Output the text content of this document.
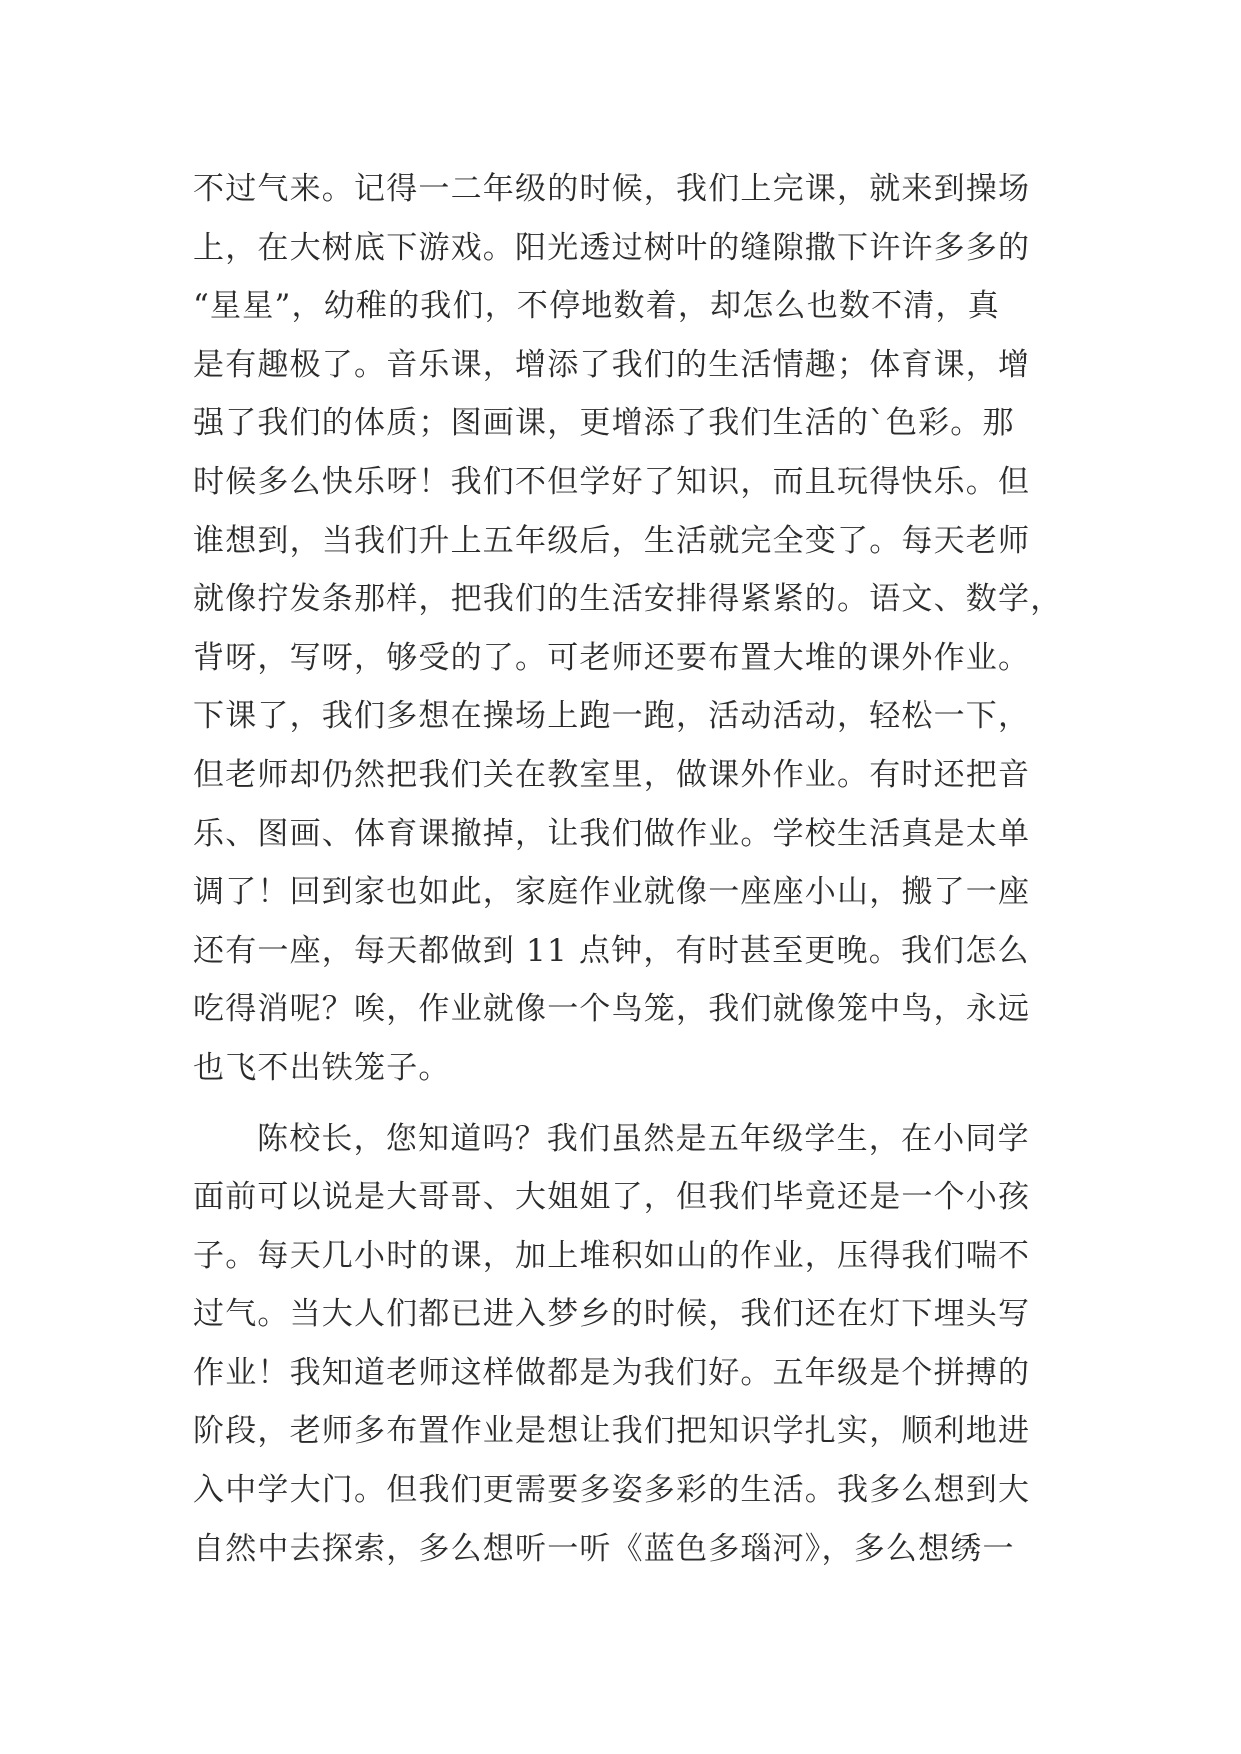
不过气来。记得一二年级的时候，我们上完课，就来到操场
上，在大树底下游戏。阳光透过树叶的缝隙撒下许许多多的
“星星”，幼稚的我们，不停地数着，却怎么也数不清，真
是有趣极了。音乐课，增添了我们的生活情趣；体育课，增
强了我们的体质；图画课，更增添了我们生活的`色彩。那
时候多么快乐呀！我们不但学好了知识，而且玩得快乐。但
谁想到，当我们升上五年级后，生活就完全变了。每天老师
就像拧发条那样，把我们的生活安排得紧紧的。语文、数学，
背呀，写呀，够受的了。可老师还要布置大堆的课外作业。
下课了，我们多想在操场上跑一跑，活动活动，轻松一下，
但老师却仍然把我们关在教室里，做课外作业。有时还把音
乐、图画、体育课撤掉，让我们做作业。学校生活真是太单
调了！回到家也如此，家庭作业就像一座座小山，搬了一座
还有一座，每天都做到 11 点钟，有时甚至更晚。我们怎么
吃得消呢？唉，作业就像一个鸟笼，我们就像笼中鸟，永远
也飞不出铁笼子。
陈校长，您知道吗？我们虽然是五年级学生，在小同学
面前可以说是大哥哥、大姐姐了，但我们毕竟还是一个小孩
子。每天几小时的课，加上堆积如山的作业，压得我们喘不
过气。当大人们都已进入梦乡的时候，我们还在灯下埋头写
作业！我知道老师这样做都是为我们好。五年级是个拼搏的
阶段，老师多布置作业是想让我们把知识学扎实，顺利地进
入中学大门。但我们更需要多姿多彩的生活。我多么想到大
自然中去探索，多么想听一听《蓝色多瑙河》，多么想绣一
